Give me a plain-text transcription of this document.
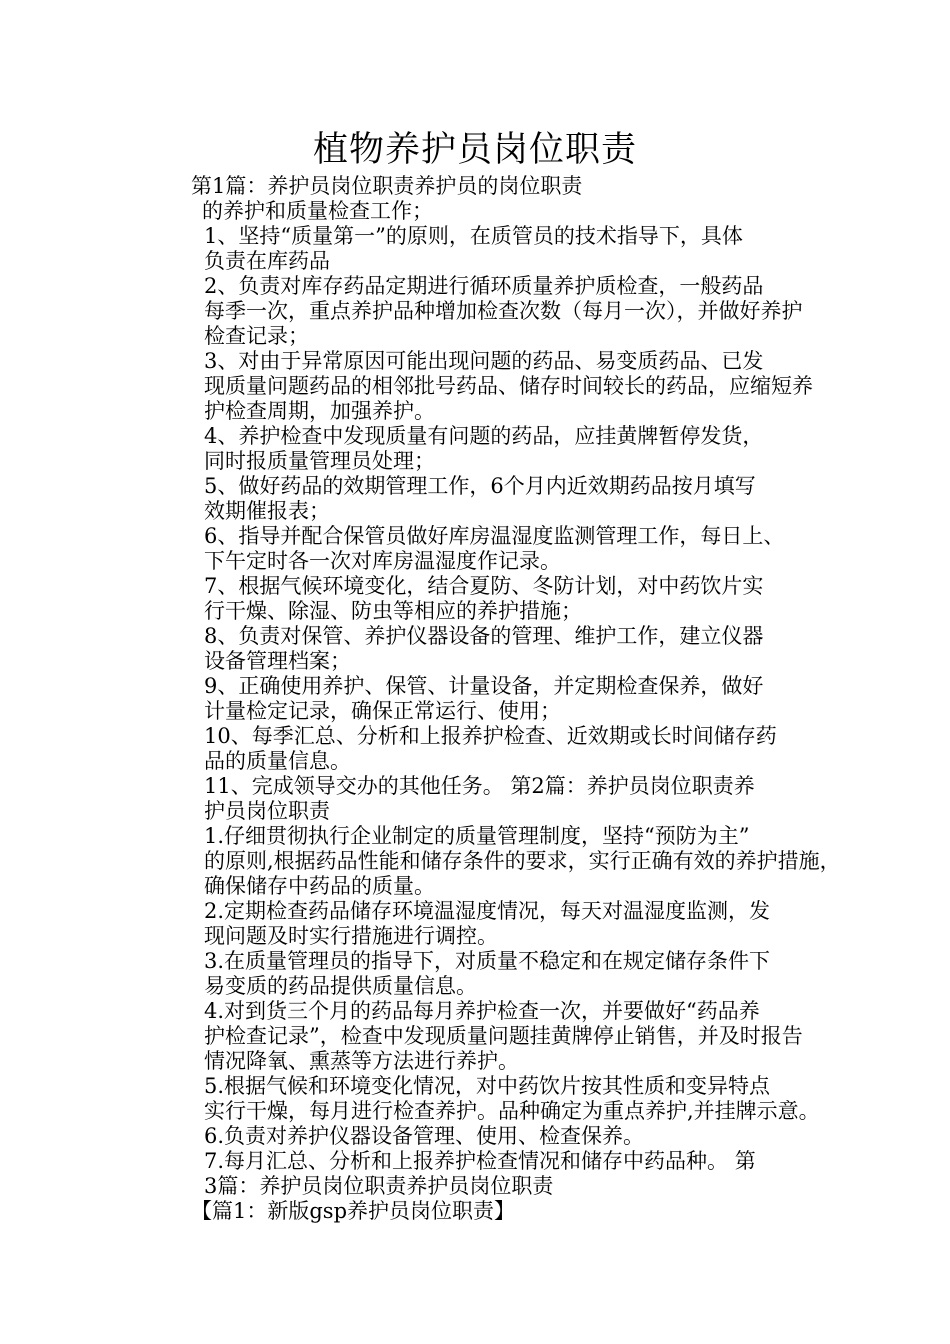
植物养护员岗位职责

第1篇：养护员岗位职责养护员的岗位职责

的养护和质量检查工作；

1、坚持“质量第一”的原则，在质管员的技术指导下，具体
负责在库药品

2、负责对库存药品定期进行循环质量养护质检查，一般药品
每季一次，重点养护品种增加检查次数（每月一次），并做好养护
检查记录；

3、对由于异常原因可能出现问题的药品、易变质药品、已发
现质量问题药品的相邻批号药品、储存时间较长的药品，应缩短养
护检查周期，加强养护。

4、养护检查中发现质量有问题的药品，应挂黄牌暂停发货，
同时报质量管理员处理；

5、做好药品的效期管理工作，6个月内近效期药品按月填写
效期催报表；

6、指导并配合保管员做好库房温湿度监测管理工作，每日上、
下午定时各一次对库房温湿度作记录。

7、根据气候环境变化，结合夏防、冬防计划，对中药饮片实
行干燥、除湿、防虫等相应的养护措施；

8、负责对保管、养护仪器设备的管理、维护工作，建立仪器
设备管理档案；

9、正确使用养护、保管、计量设备，并定期检查保养，做好
计量检定记录，确保正常运行、使用；

10、每季汇总、分析和上报养护检查、近效期或长时间储存药
品的质量信息。

11、完成领导交办的其他任务。 第2篇：养护员岗位职责养
护员岗位职责

1.仔细贯彻执行企业制定的质量管理制度，坚持“预防为主”
的原则,根据药品性能和储存条件的要求，实行正确有效的养护措施，
确保储存中药品的质量。

2.定期检查药品储存环境温湿度情况，每天对温湿度监测，发
现问题及时实行措施进行调控。

3.在质量管理员的指导下，对质量不稳定和在规定储存条件下
易变质的药品提供质量信息。

4.对到货三个月的药品每月养护检查一次，并要做好“药品养
护检查记录”，检查中发现质量问题挂黄牌停止销售，并及时报告
情况降氧、熏蒸等方法进行养护。

5.根据气候和环境变化情况，对中药饮片按其性质和变异特点
实行干燥，每月进行检查养护。品种确定为重点养护,并挂牌示意。

6.负责对养护仪器设备管理、使用、检查保养。

7.每月汇总、分析和上报养护检查情况和储存中药品种。 第
3篇：养护员岗位职责养护员岗位职责

【篇1：新版gsp养护员岗位职责】
